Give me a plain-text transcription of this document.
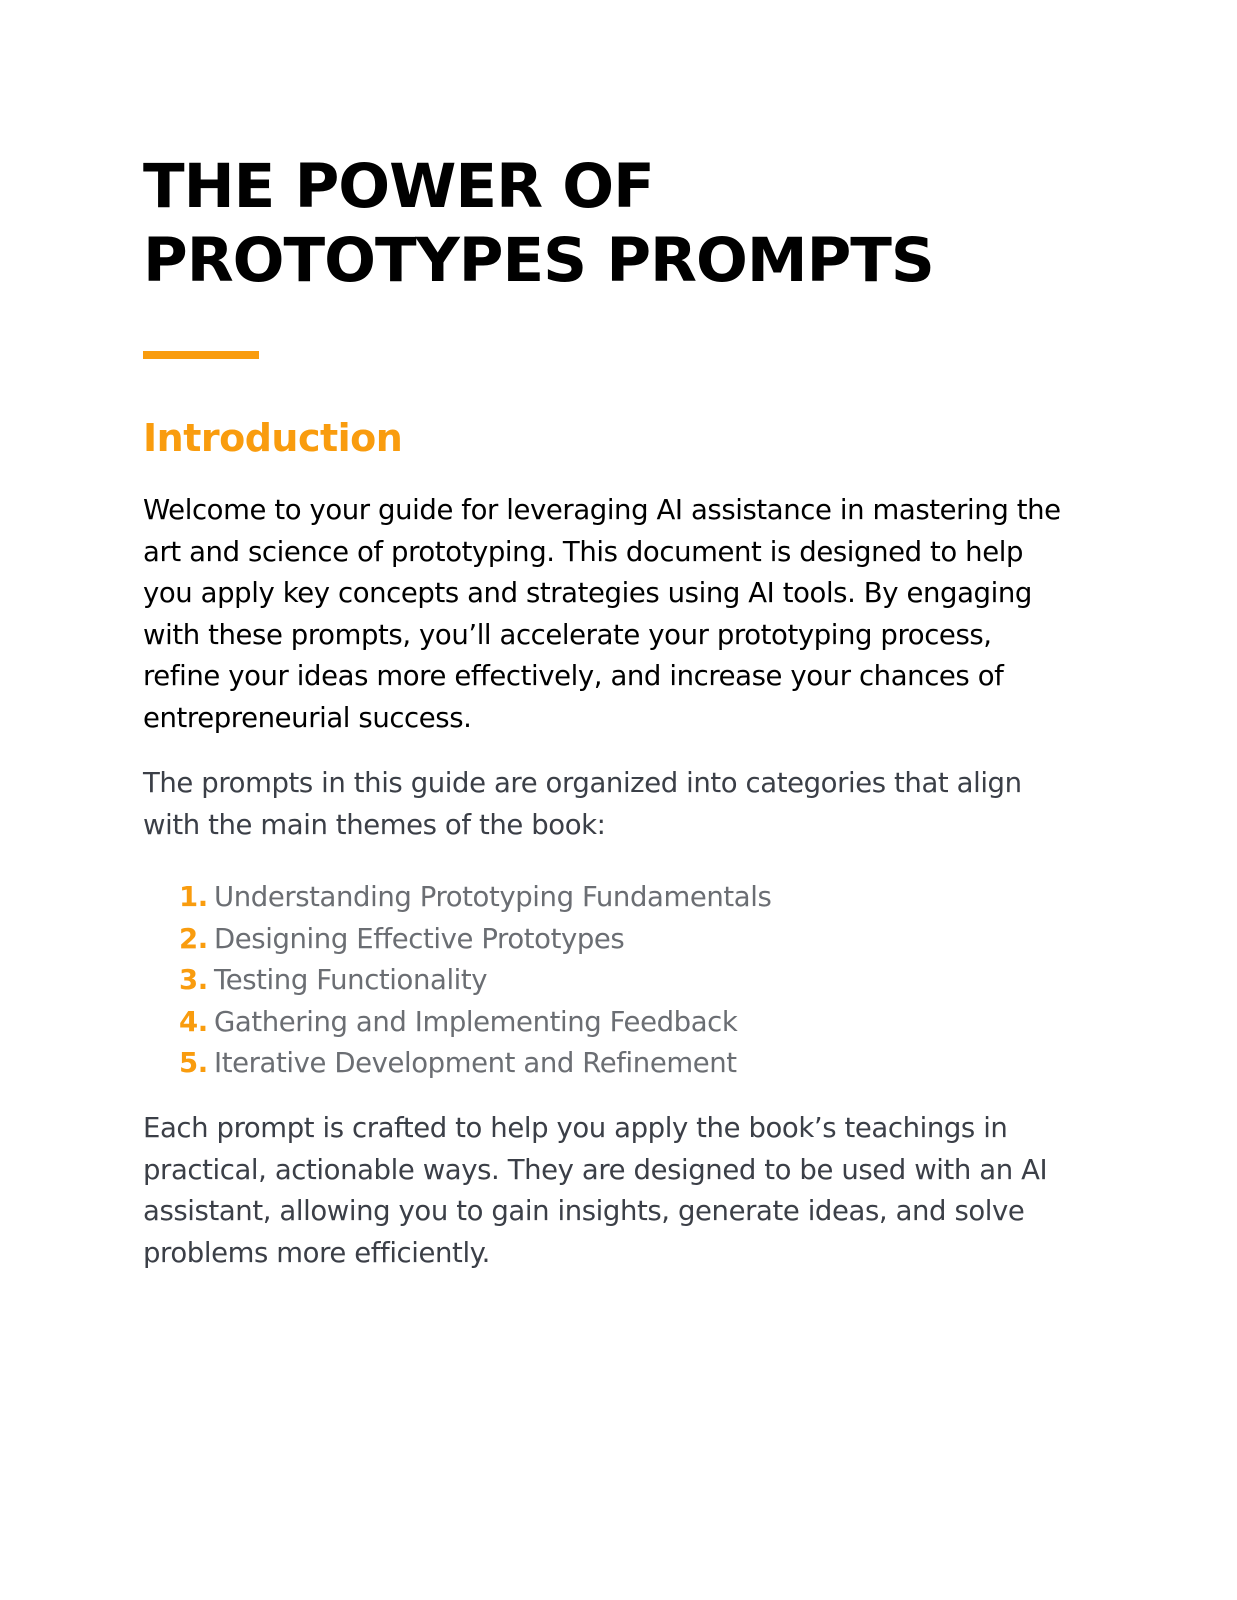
THE POWER OF PROTOTYPES PROMPTS
Introduction

Welcome to your guide for leveraging AI assistance in mastering the art and science of prototyping. This document is designed to help you apply key concepts and strategies using AI tools. By engaging with these prompts, you’ll accelerate your prototyping process, refine your ideas more effectively, and increase your chances of entrepreneurial success.

The prompts in this guide are organized into categories that align with the main themes of the book:

1. Understanding Prototyping Fundamentals
2. Designing Effective Prototypes
3. Testing Functionality
4. Gathering and Implementing Feedback
5. Iterative Development and Refinement

Each prompt is crafted to help you apply the book’s teachings in practical, actionable ways. They are designed to be used with an AI assistant, allowing you to gain insights, generate ideas, and solve problems more efficiently.
